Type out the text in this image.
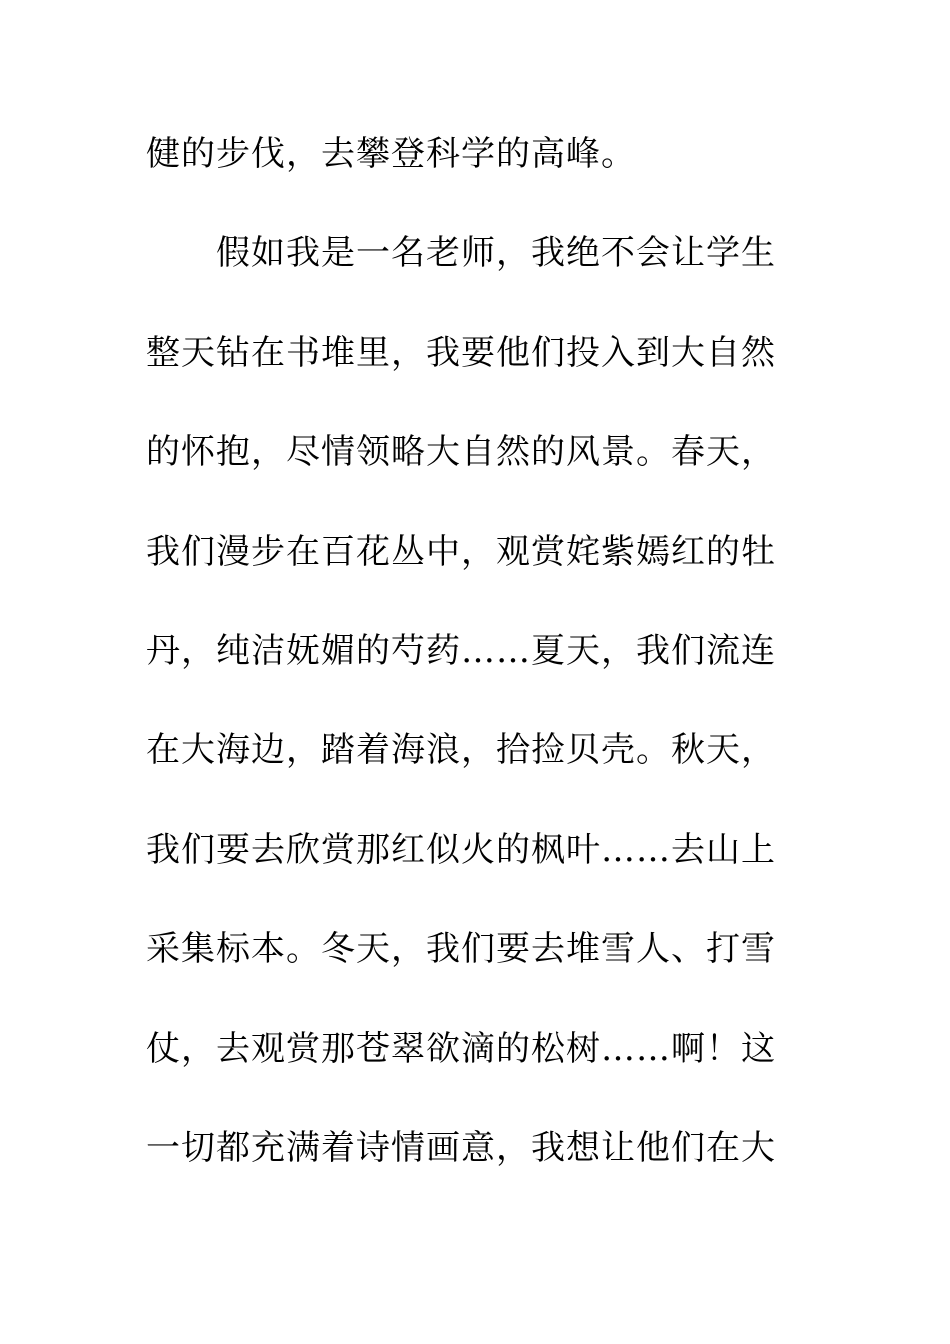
健的步伐，去攀登科学的高峰。
假如我是一名老师，我绝不会让学生
整天钻在书堆里，我要他们投入到大自然
的怀抱，尽情领略大自然的风景。春天，
我们漫步在百花丛中，观赏姹紫嫣红的牡
丹，纯洁妩媚的芍药……夏天，我们流连
在大海边，踏着海浪，拾捡贝壳。秋天，
我们要去欣赏那红似火的枫叶……去山上
采集标本。冬天，我们要去堆雪人、打雪
仗，去观赏那苍翠欲滴的松树……啊！这
一切都充满着诗情画意，我想让他们在大
